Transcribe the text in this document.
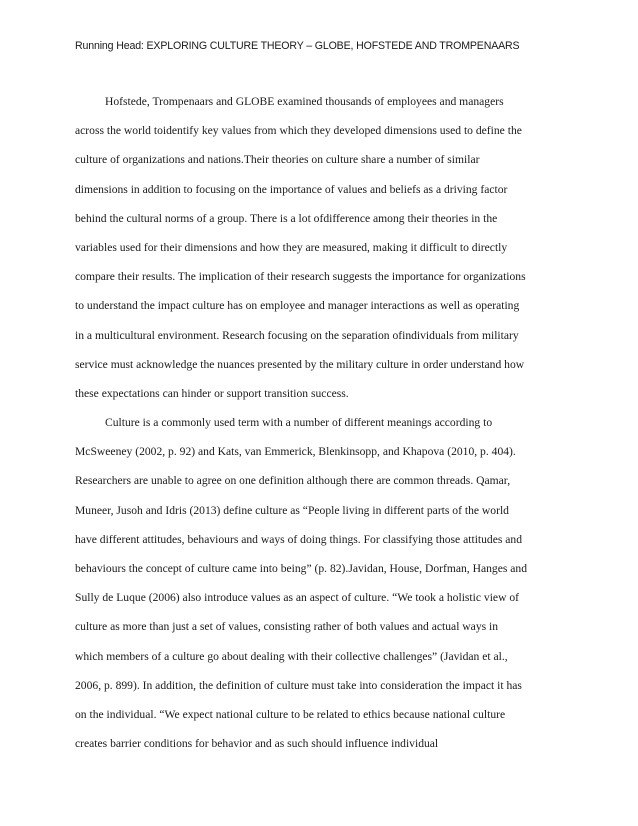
Running Head: EXPLORING CULTURE THEORY – GLOBE, HOFSTEDE AND TROMPENAARS
Hofstede, Trompenaars and GLOBE examined thousands of employees and managers
across the world toidentify key values from which they developed dimensions used to define the
culture of organizations and nations.Their theories on culture share a number of similar
dimensions in addition to focusing on the importance of values and beliefs as a driving factor
behind the cultural norms of a group. There is a lot ofdifference among their theories in the
variables used for their dimensions and how they are measured, making it difficult to directly
compare their results. The implication of their research suggests the importance for organizations
to understand the impact culture has on employee and manager interactions as well as operating
in a multicultural environment. Research focusing on the separation ofindividuals from military
service must acknowledge the nuances presented by the military culture in order understand how
these expectations can hinder or support transition success.
Culture is a commonly used term with a number of different meanings according to
McSweeney (2002, p. 92) and Kats, van Emmerick, Blenkinsopp, and Khapova (2010, p. 404).
Researchers are unable to agree on one definition although there are common threads. Qamar,
Muneer, Jusoh and Idris (2013) define culture as “People living in different parts of the world
have different attitudes, behaviours and ways of doing things. For classifying those attitudes and
behaviours the concept of culture came into being” (p. 82).Javidan, House, Dorfman, Hanges and
Sully de Luque (2006) also introduce values as an aspect of culture. “We took a holistic view of
culture as more than just a set of values, consisting rather of both values and actual ways in
which members of a culture go about dealing with their collective challenges” (Javidan et al.,
2006, p. 899). In addition, the definition of culture must take into consideration the impact it has
on the individual. “We expect national culture to be related to ethics because national culture
creates barrier conditions for behavior and as such should influence individual
